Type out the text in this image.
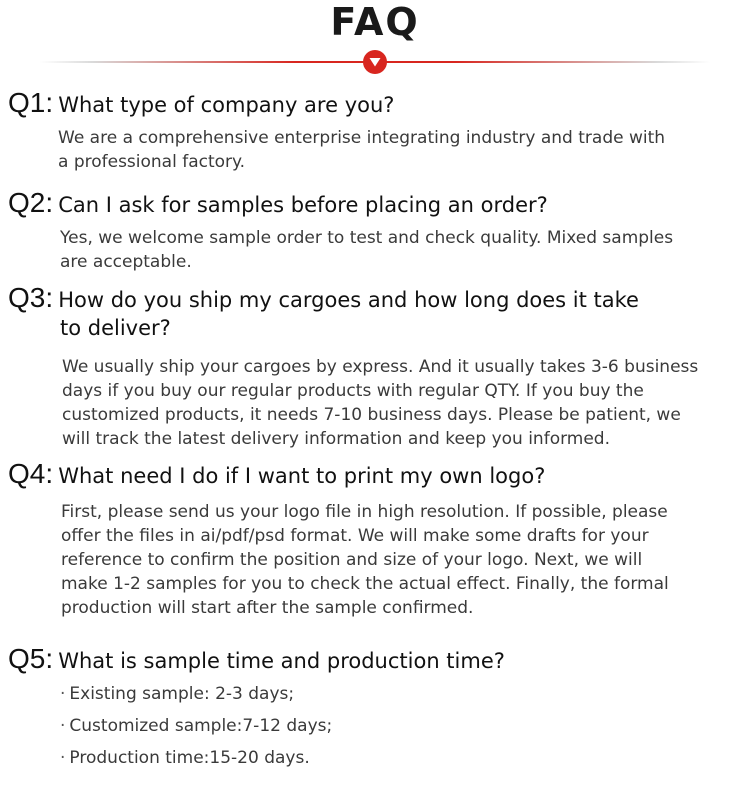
FAQ
Q1: What type of company are you?
We are a comprehensive enterprise integrating industry and trade with
a professional factory.
Q2: Can I ask for samples before placing an order?
Yes, we welcome sample order to test and check quality. Mixed samples
are acceptable.
Q3: How do you ship my cargoes and how long does it take
to deliver?
We usually ship your cargoes by express. And it usually takes 3-6 business
days if you buy our regular products with regular QTY. If you buy the
customized products, it needs 7-10 business days. Please be patient, we
will track the latest delivery information and keep you informed.
Q4: What need I do if I want to print my own logo?
First, please send us your logo file in high resolution. If possible, please
offer the files in ai/pdf/psd format. We will make some drafts for your
reference to confirm the position and size of your logo. Next, we will
make 1-2 samples for you to check the actual effect. Finally, the formal
production will start after the sample confirmed.
Q5: What is sample time and production time?
· Existing sample: 2-3 days;
· Customized sample:7-12 days;
· Production time:15-20 days.
